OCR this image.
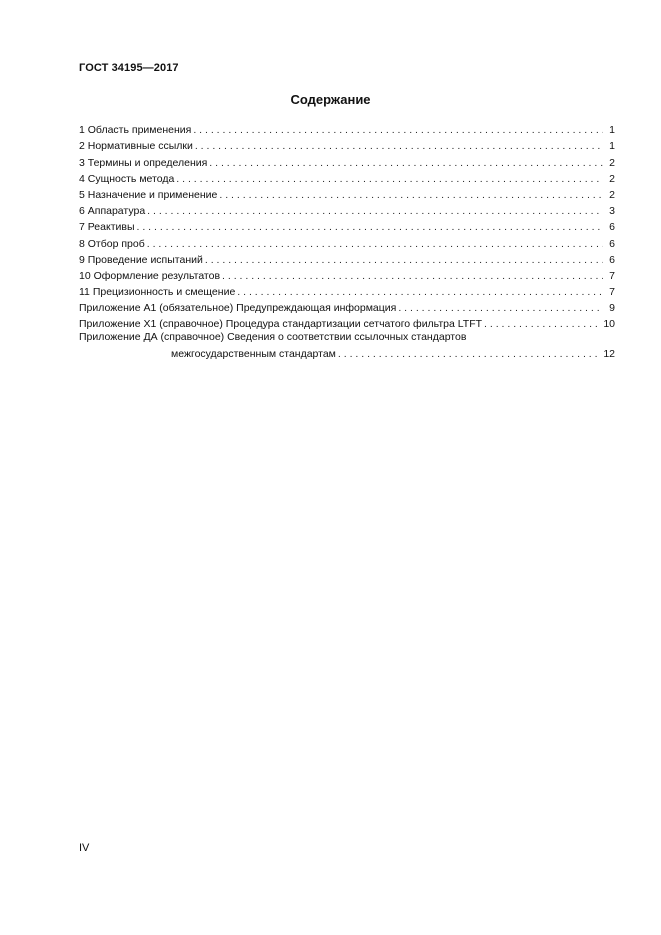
ГОСТ 34195—2017
Содержание
1 Область применения . . .	1
2 Нормативные ссылки . . .	1
3 Термины и определения . . .	2
4 Сущность метода . . .	2
5 Назначение и применение . . .	2
6 Аппаратура . . .	3
7 Реактивы . . .	6
8 Отбор проб . . .	6
9 Проведение испытаний . . .	6
10 Оформление результатов . . .	7
11 Прецизионность и смещение . . .	7
Приложение А1 (обязательное) Предупреждающая информация . . .	9
Приложение Х1 (справочное) Процедура стандартизации сетчатого фильтра LTFT . . .	10
Приложение ДА (справочное) Сведения о соответствии ссылочных стандартов
межгосударственным стандартам . . .	12
IV
